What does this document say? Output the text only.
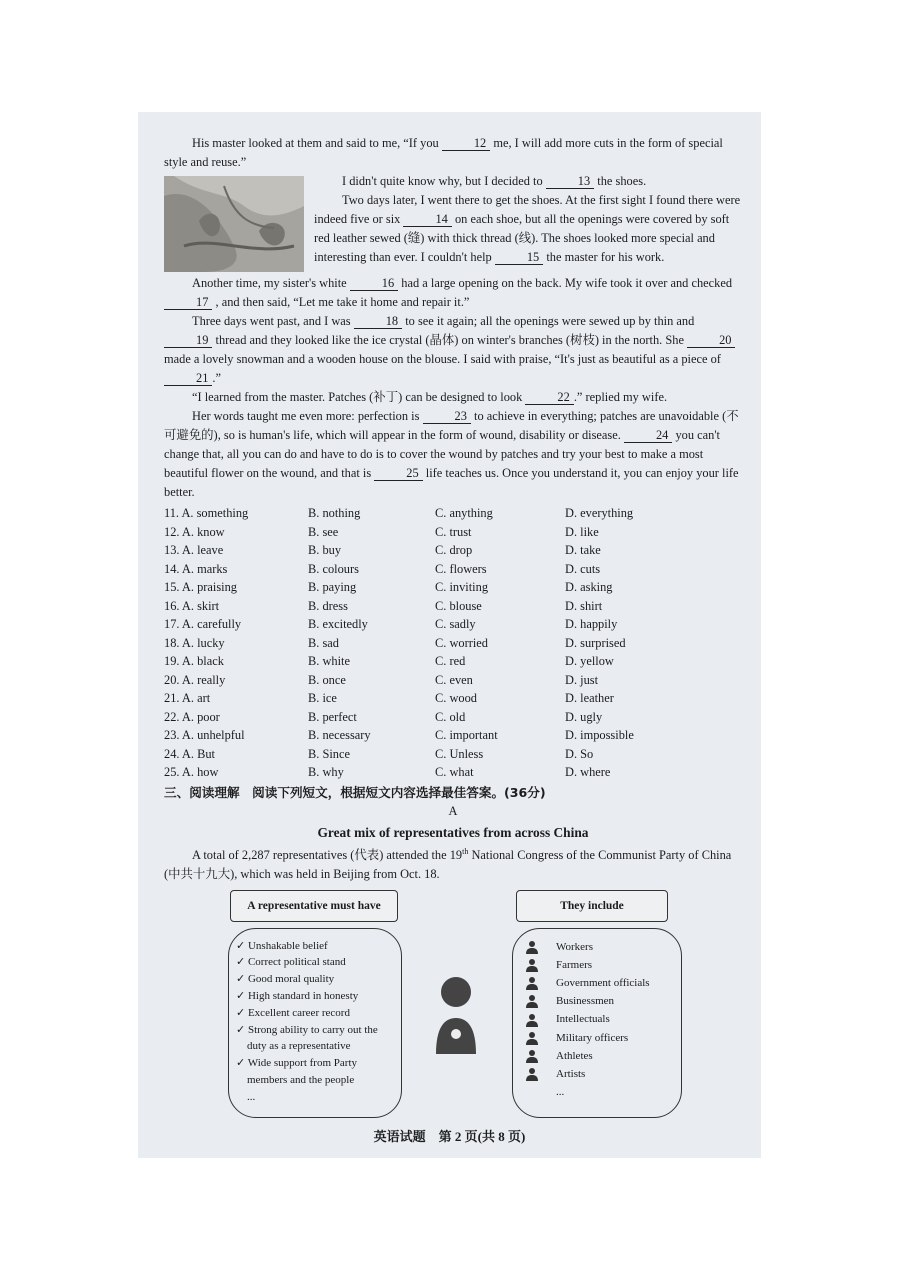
His master looked at them and said to me, “If you	12 me, I will add more cuts in the form of special style and reuse.”

I didn't quite know why, but I decided to	13 the shoes.

Two days later, I went there to get the shoes. At the first sight I found there were indeed five or six	14 on each shoe, but all the openings were covered by soft red leather sewed (缝) with thick thread (线). The shoes looked more special and interesting than ever. I couldn't help	15 the master for his work.

Another time, my sister's white	16 had a large opening on the back. My wife took it over and checked 17 , and then said, “Let me take it home and repair it.”

Three days went past, and I was	18 to see it again; all the openings were sewed up by thin and 19 thread and they looked like the ice crystal (晶体) on winter's branches (树枝) in the north. She	20 made a lovely snowman and a wooden house on the blouse. I said with praise, “It's just as beautiful as a piece of 21 .”

“I learned from the master. Patches (补丁) can be designed to look	22 .” replied my wife.

Her words taught me even more: perfection is	23 to achieve in everything; patches are unavoidable (不可避免的), so is human's life, which will appear in the form of wound, disability or disease.	24 you can't change that, all you can do and have to do is to cover the wound by patches and try your best to make a most beautiful flower on the wound, and that is	25 life teaches us. Once you understand it, you can enjoy your life better.

11. A. something	B. nothing	C. anything	D. everything
12. A. know	B. see	C. trust	D. like
13. A. leave	B. buy	C. drop	D. take
14. A. marks	B. colours	C. flowers	D. cuts
15. A. praising	B. paying	C. inviting	D. asking
16. A. skirt	B. dress	C. blouse	D. shirt
17. A. carefully	B. excitedly	C. sadly	D. happily
18. A. lucky	B. sad	C. worried	D. surprised
19. A. black	B. white	C. red	D. yellow
20. A. really	B. once	C. even	D. just
21. A. art	B. ice	C. wood	D. leather
22. A. poor	B. perfect	C. old	D. ugly
23. A. unhelpful	B. necessary	C. important	D. impossible
24. A. But	B. Since	C. Unless	D. So
25. A. how	B. why	C. what	D. where
三、阅读理解　阅读下列短文，根据短文内容选择最佳答案。(36分)
A
Great mix of representatives from across China

A total of 2,287 representatives (代表) attended the 19th National Congress of the Communist Party of China (中共十九大), which was held in Beijing from Oct. 18.

A representative must have
✓ Unshakable belief
✓ Correct political stand
✓ Good moral quality
✓ High standard in honesty
✓ Excellent career record
✓ Strong ability to carry out the
duty as a representative
✓ Wide support from Party
members and the people
...
They include
Workers
Farmers
Government officials
Businessmen
Intellectuals
Military officers
Athletes
Artists
...
英语试题　第 2 页(共 8 页)
